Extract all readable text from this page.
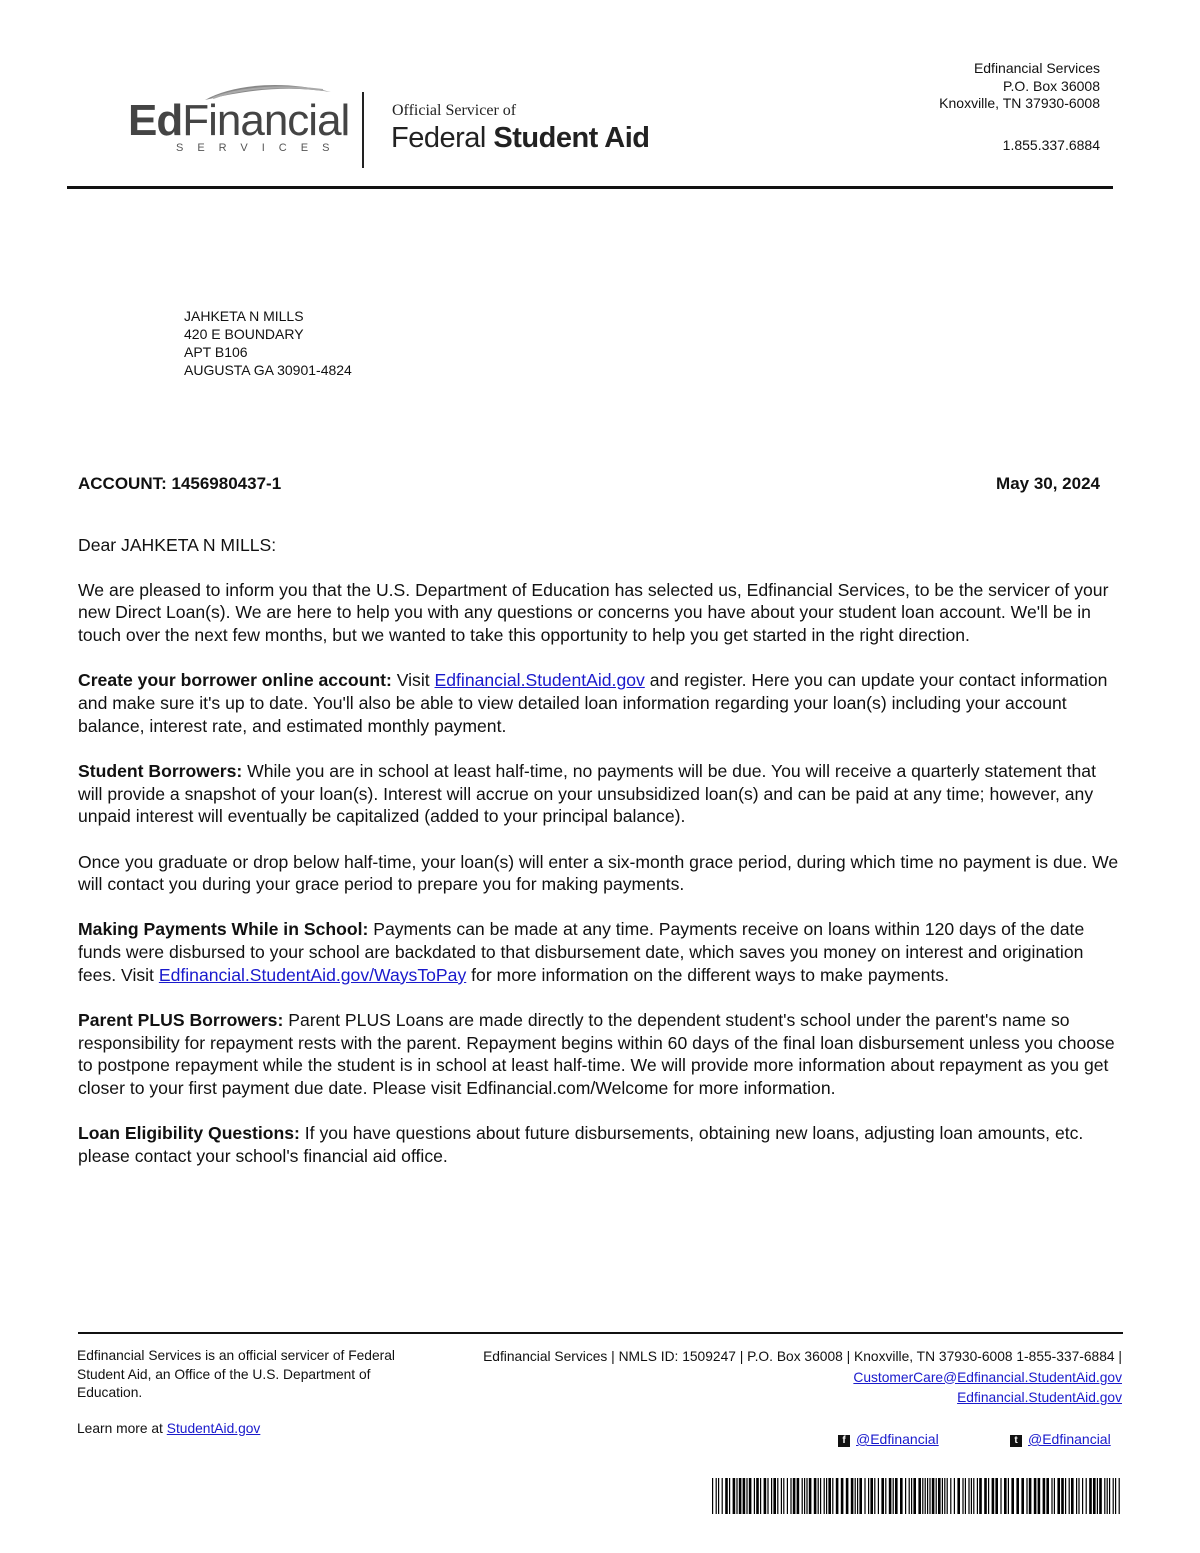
EdFinancial
SERVICES
Official Servicer of
Federal Student Aid
Edfinancial Services
P.O. Box 36008
Knoxville, TN 37930-6008
1.855.337.6884
JAHKETA N MILLS
420 E BOUNDARY
APT B106
AUGUSTA GA 30901-4824
ACCOUNT: 1456980437-1	May 30, 2024

Dear JAHKETA N MILLS:

We are pleased to inform you that the U.S. Department of Education has selected us, Edfinancial Services, to be the servicer of your new Direct Loan(s). We are here to help you with any questions or concerns you have about your student loan account. We'll be in touch over the next few months, but we wanted to take this opportunity to help you get started in the right direction.

Create your borrower online account: Visit Edfinancial.StudentAid.gov and register. Here you can update your contact information and make sure it's up to date. You'll also be able to view detailed loan information regarding your loan(s) including your account balance, interest rate, and estimated monthly payment.

Student Borrowers: While you are in school at least half-time, no payments will be due. You will receive a quarterly statement that will provide a snapshot of your loan(s). Interest will accrue on your unsubsidized loan(s) and can be paid at any time; however, any unpaid interest will eventually be capitalized (added to your principal balance).

Once you graduate or drop below half-time, your loan(s) will enter a six-month grace period, during which time no payment is due. We will contact you during your grace period to prepare you for making payments.

Making Payments While in School: Payments can be made at any time. Payments receive on loans within 120 days of the date funds were disbursed to your school are backdated to that disbursement date, which saves you money on interest and origination fees. Visit Edfinancial.StudentAid.gov/WaysToPay for more information on the different ways to make payments.

Parent PLUS Borrowers: Parent PLUS Loans are made directly to the dependent student's school under the parent's name so responsibility for repayment rests with the parent. Repayment begins within 60 days of the final loan disbursement unless you choose to postpone repayment while the student is in school at least half-time. We will provide more information about repayment as you get closer to your first payment due date. Please visit Edfinancial.com/Welcome for more information.

Loan Eligibility Questions: If you have questions about future disbursements, obtaining new loans, adjusting loan amounts, etc. please contact your school's financial aid office.

Edfinancial Services is an official servicer of Federal Student Aid, an Office of the U.S. Department of Education.
Learn more at StudentAid.gov
Edfinancial Services | NMLS ID: 1509247 | P.O. Box 36008 | Knoxville, TN 37930-6008 1-855-337-6884 | CustomerCare@Edfinancial.StudentAid.gov
Edfinancial.StudentAid.gov
f @Edfinancial	t @Edfinancial
